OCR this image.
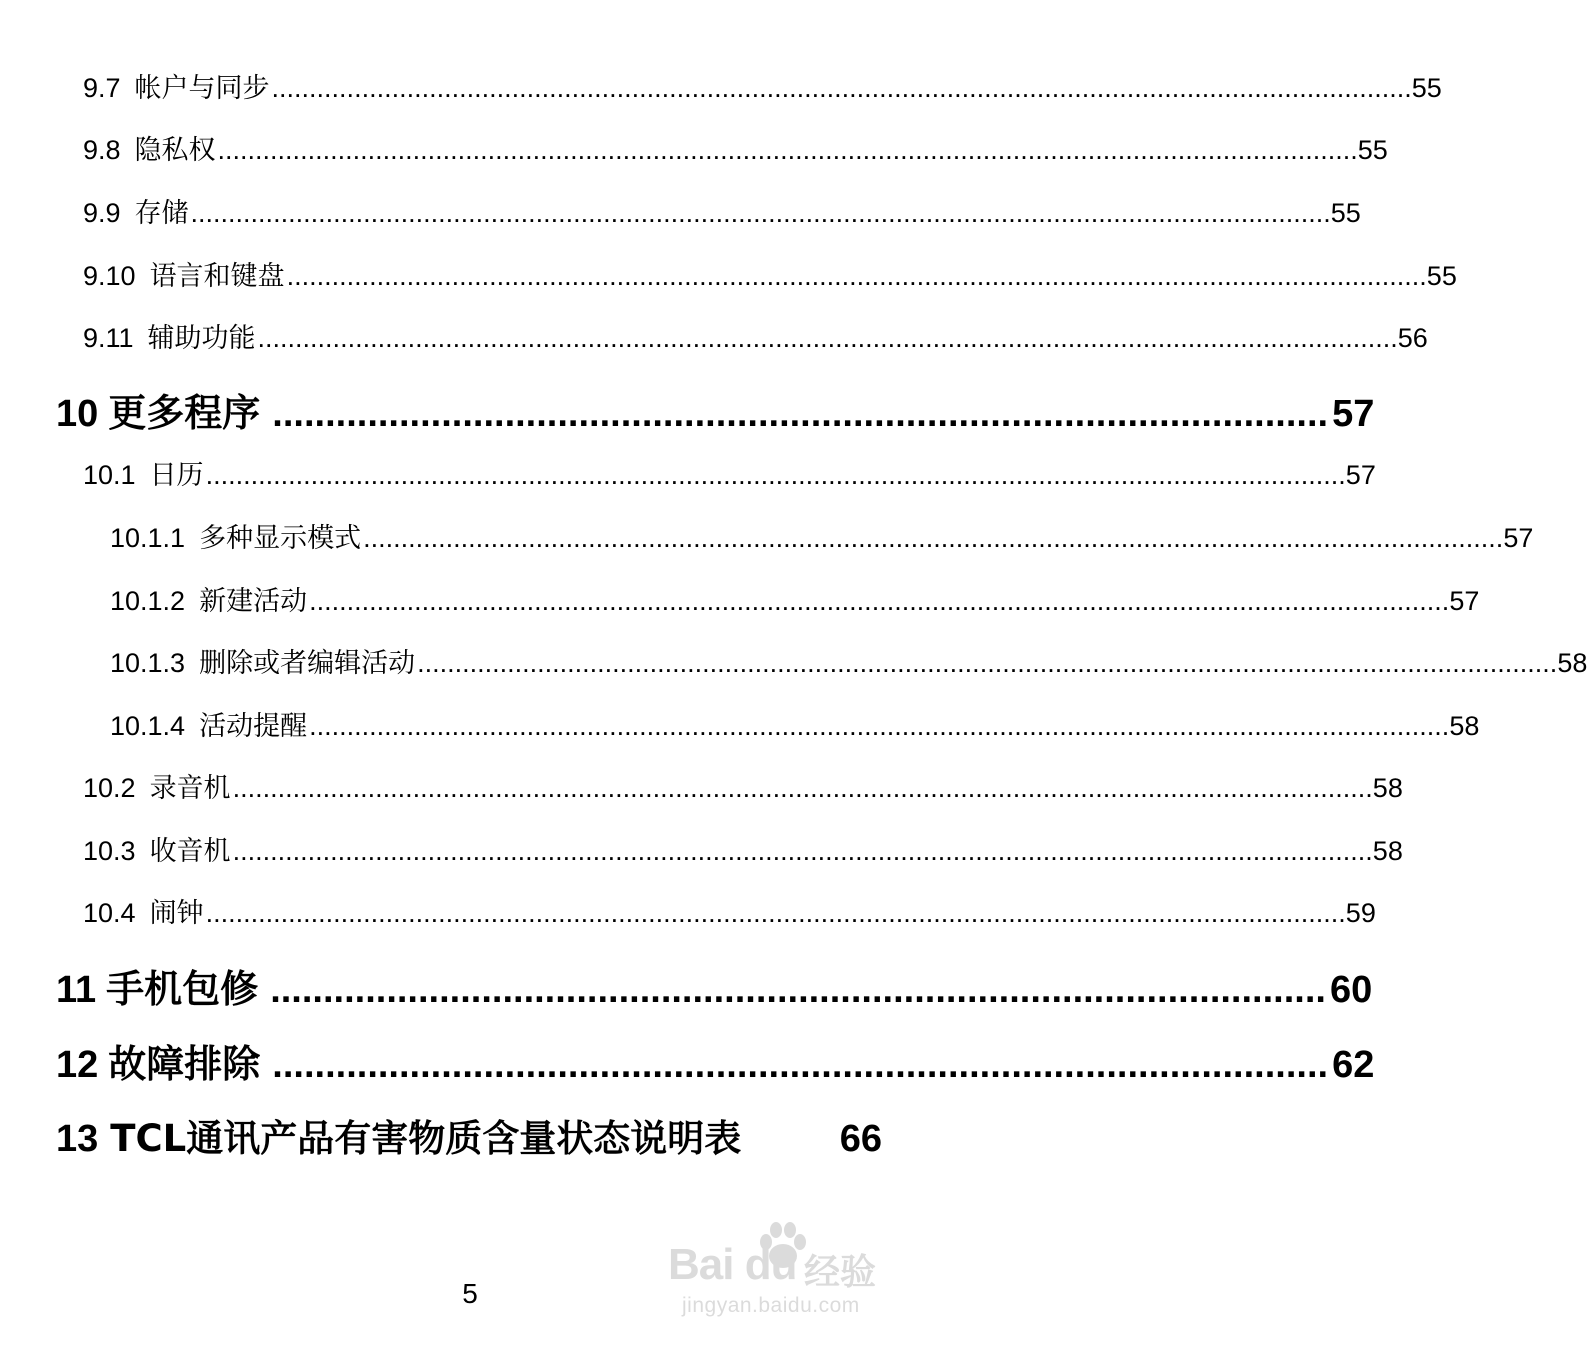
9.7 帐户与同步 ........................................................................................................................................................ 55
9.8 隐私权 ........................................................................................................................................................ 55
9.9 存储 ........................................................................................................................................................ 55
9.10 语言和键盘 ........................................................................................................................................................ 55
9.11 辅助功能 ........................................................................................................................................................ 56
10 更多程序 .................................................................................................... 57
10.1 日历 ........................................................................................................................................................ 57
10.1.1 多种显示模式 ........................................................................................................................................................ 57
10.1.2 新建活动 ........................................................................................................................................................ 57
10.1.3 删除或者编辑活动 ........................................................................................................................................................ 58
10.1.4 活动提醒 ........................................................................................................................................................ 58
10.2 录音机 ........................................................................................................................................................ 58
10.3 收音机 ........................................................................................................................................................ 58
10.4 闹钟 ........................................................................................................................................................ 59
11 手机包修 .................................................................................................... 60
12 故障排除 .................................................................................................... 62
13 TCL通讯产品有害物质含量状态说明表	66
5
Bai du 经验
jingyan.baidu.com
